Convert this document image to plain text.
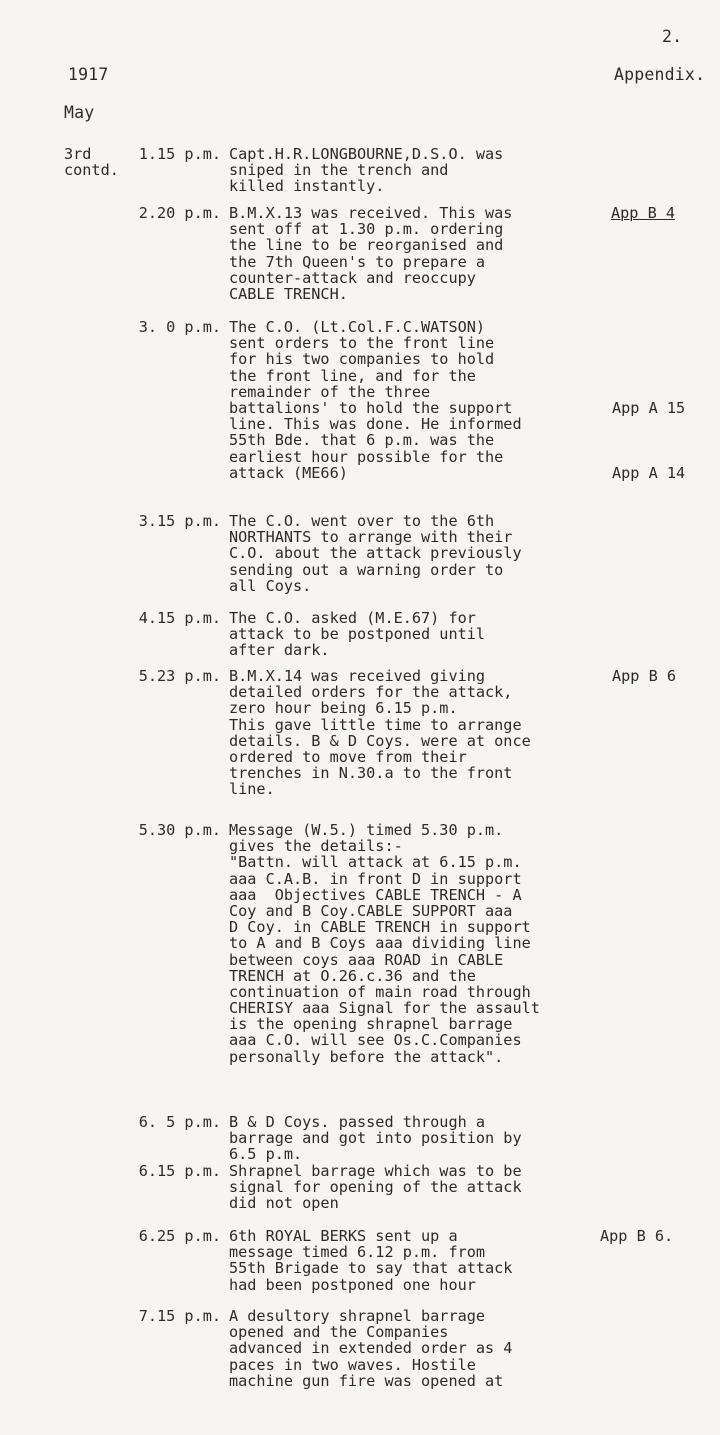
2.
1917	Appendix.
May
3rd
contd.
1.15 p.m. Capt.H.R.LONGBOURNE,D.S.O. was
sniped in the trench and
killed instantly.
2.20 p.m. B.M.X.13 was received. This was
sent off at 1.30 p.m. ordering
the line to be reorganised and
the 7th Queen's to prepare a
counter-attack and reoccupy
CABLE TRENCH.
App B 4
3. 0 p.m. The C.O. (Lt.Col.F.C.WATSON)
sent orders to the front line
for his two companies to hold
the front line, and for the
remainder of the three
battalions' to hold the support
line. This was done. He informed
55th Bde. that 6 p.m. was the
earliest hour possible for the
attack (ME66)
App A 15
App A 14
3.15 p.m. The C.O. went over to the 6th
NORTHANTS to arrange with their
C.O. about the attack previously
sending out a warning order to
all Coys.
4.15 p.m. The C.O. asked (M.E.67) for
attack to be postponed until
after dark.
5.23 p.m. B.M.X.14 was received giving
detailed orders for the attack,
zero hour being 6.15 p.m.
This gave little time to arrange
details. B & D Coys. were at once
ordered to move from their
trenches in N.30.a to the front
line.
App B 6
5.30 p.m. Message (W.5.) timed 5.30 p.m.
gives the details:-
"Battn. will attack at 6.15 p.m.
aaa C.A.B. in front D in support
aaa  Objectives CABLE TRENCH - A
Coy and B Coy.CABLE SUPPORT aaa
D Coy. in CABLE TRENCH in support
to A and B Coys aaa dividing line
between coys aaa ROAD in CABLE
TRENCH at O.26.c.36 and the
continuation of main road through
CHERISY aaa Signal for the assault
is the opening shrapnel barrage
aaa C.O. will see Os.C.Companies
personally before the attack".
6. 5 p.m. B & D Coys. passed through a
barrage and got into position by
6.5 p.m.
6.15 p.m. Shrapnel barrage which was to be
signal for opening of the attack
did not open
6.25 p.m. 6th ROYAL BERKS sent up a
message timed 6.12 p.m. from
55th Brigade to say that attack
had been postponed one hour
App B 6.
7.15 p.m. A desultory shrapnel barrage
opened and the Companies
advanced in extended order as 4
paces in two waves. Hostile
machine gun fire was opened at
